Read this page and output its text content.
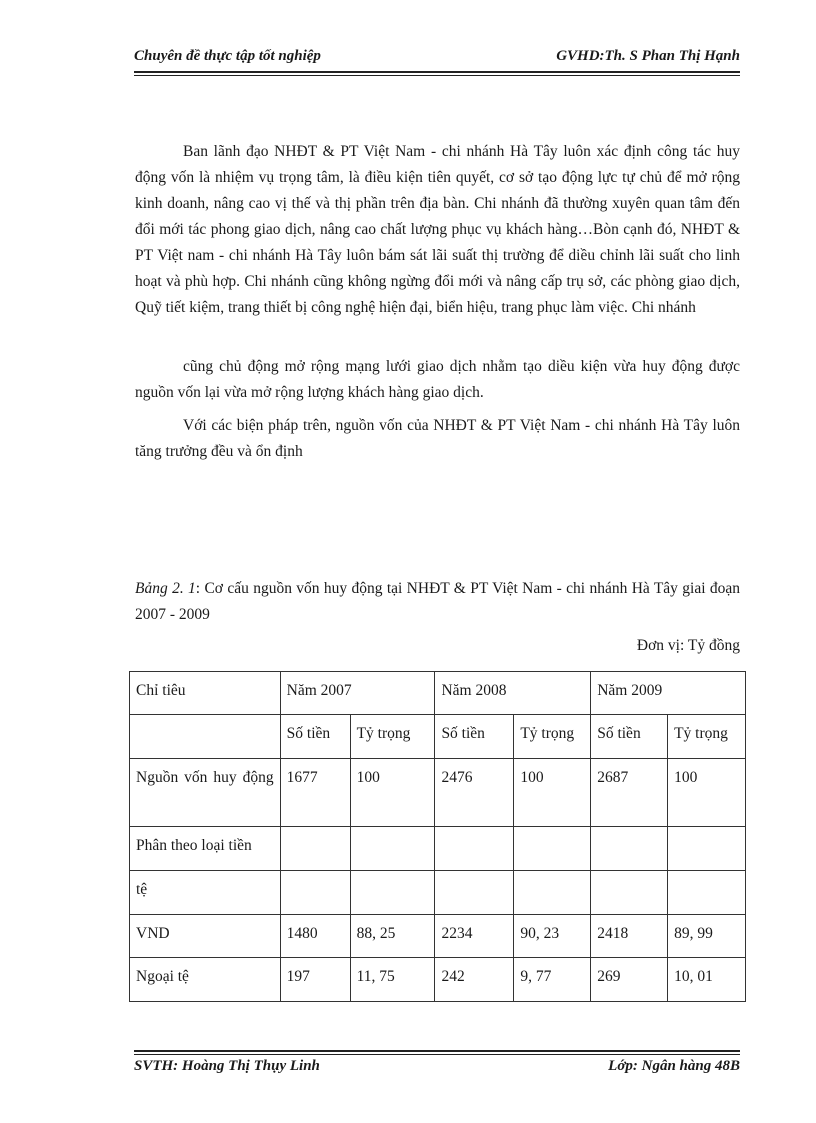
Chuyên đề thực tập tốt nghiệp	GVHD:Th. S Phan Thị Hạnh

Ban lãnh đạo NHĐT & PT Việt Nam - chi nhánh Hà Tây luôn xác định công tác huy động vốn là nhiệm vụ trọng tâm, là điều kiện tiên quyết, cơ sở tạo động lực tự chủ để mở rộng kinh doanh, nâng cao vị thế và thị phần trên địa bàn. Chi nhánh đã thường xuyên quan tâm đến đổi mới tác phong giao dịch, nâng cao chất lượng phục vụ khách hàng…Bòn cạnh đó, NHĐT & PT Việt nam - chi nhánh Hà Tây luôn bám sát lãi suất thị trường để diều chỉnh lãi suất cho linh hoạt và phù hợp. Chi nhánh cũng không ngừng đổi mới và nâng cấp trụ sở, các phòng giao dịch, Quỹ tiết kiệm, trang thiết bị công nghệ hiện đại, biển hiệu, trang phục làm việc. Chi nhánh

cũng chủ động mở rộng mạng lưới giao dịch nhằm tạo diều kiện vừa huy động được nguồn vốn lại vừa mở rộng lượng khách hàng giao dịch.

Với các biện pháp trên, nguồn vốn của NHĐT & PT Việt Nam - chi nhánh Hà Tây luôn tăng trưởng đều và ổn định

Bảng 2. 1: Cơ cấu nguồn vốn huy động tại NHĐT & PT Việt Nam - chi nhánh Hà Tây giai đoạn 2007 - 2009
Đơn vị: Tỷ đồng
Chỉ tiêu	Năm 2007		Năm 2008		Năm 2009	
	Số tiền	Tỷ trọng	Số tiền	Tỷ trọng	Số tiền	Tỷ trọng
Nguồn vốn huy động	1677	100	2476	100	2687	100
Phân theo loại tiền						
tệ						
VND	1480	88, 25	2234	90, 23	2418	89, 99
Ngoại tệ	197	11, 75	242	9, 77	269	10, 01
SVTH: Hoàng Thị Thụy Linh	Lớp: Ngân hàng 48B
